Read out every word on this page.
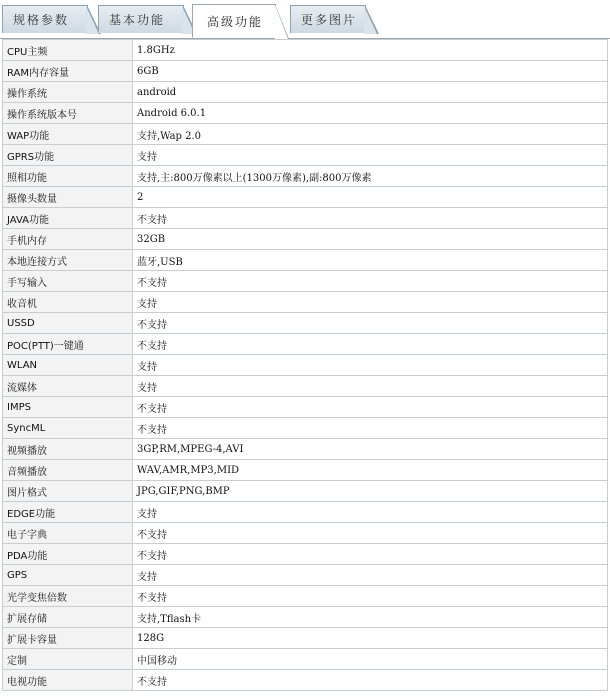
规格参数	基本功能	高级功能	更多图片
CPU主频	1.8GHz
RAM内存容量	6GB
操作系统	android
操作系统版本号	Android 6.0.1
WAP功能	支持,Wap 2.0
GPRS功能	支持
照相功能	支持,主:800万像素以上(1300万像素),副:800万像素
摄像头数量	2
JAVA功能	不支持
手机内存	32GB
本地连接方式	蓝牙,USB
手写输入	不支持
收音机	支持
USSD	不支持
POC(PTT)一键通	不支持
WLAN	支持
流媒体	支持
IMPS	不支持
SyncML	不支持
视频播放	3GP,RM,MPEG-4,AVI
音频播放	WAV,AMR,MP3,MID
图片格式	JPG,GIF,PNG,BMP
EDGE功能	支持
电子字典	不支持
PDA功能	不支持
GPS	支持
光学变焦倍数	不支持
扩展存储	支持,Tflash卡
扩展卡容量	128G
定制	中国移动
电视功能	不支持
